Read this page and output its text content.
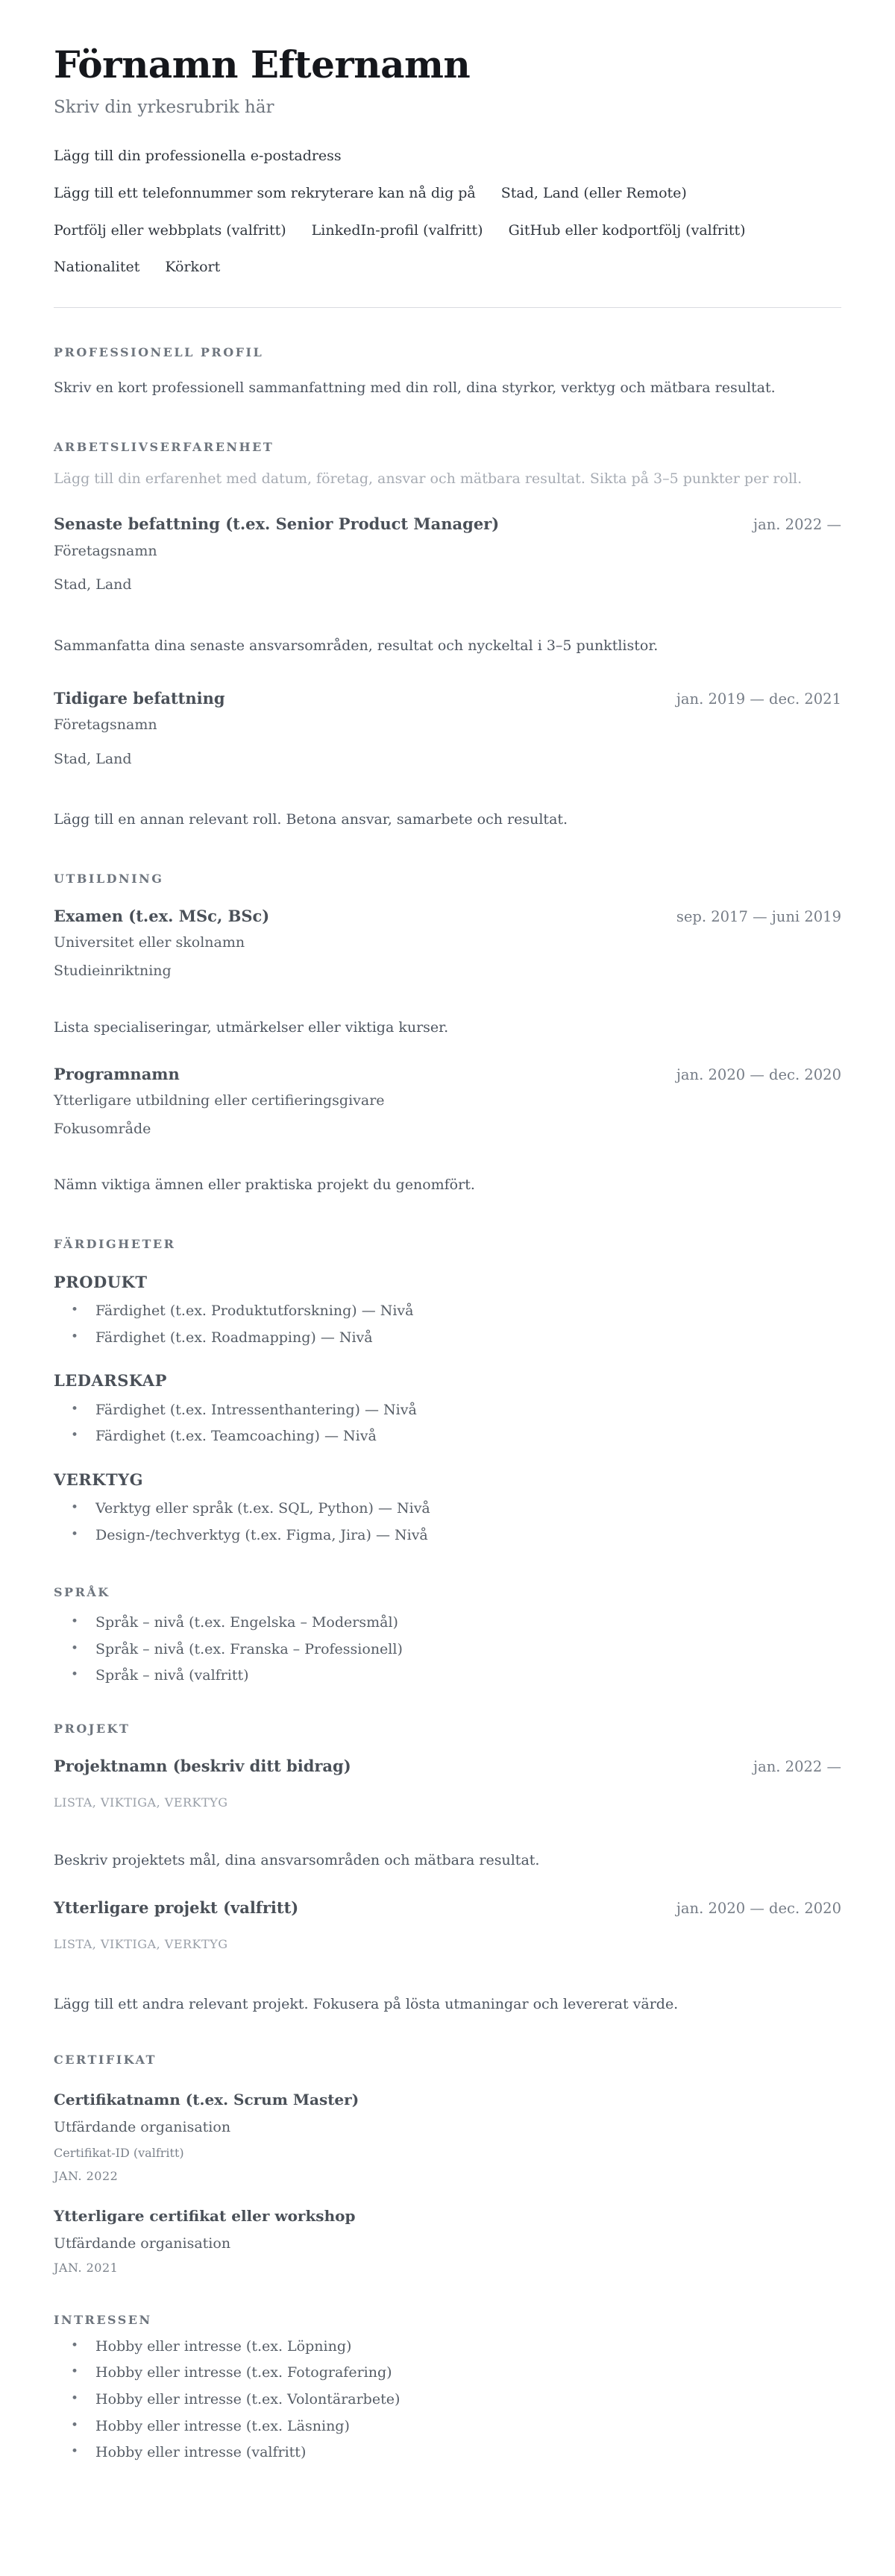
Förnamn Efternamn
Skriv din yrkesrubrik här
Lägg till din professionella e-postadress
Lägg till ett telefonnummer som rekryterare kan nå dig på Stad, Land (eller Remote)
Portfölj eller webbplats (valfritt) LinkedIn-profil (valfritt) GitHub eller kodportfölj (valfritt)
Nationalitet Körkort
PROFESSIONELL PROFIL
Skriv en kort professionell sammanfattning med din roll, dina styrkor, verktyg och mätbara resultat.
ARBETSLIVSERFARENHET
Lägg till din erfarenhet med datum, företag, ansvar och mätbara resultat. Sikta på 3–5 punkter per roll.
Senaste befattning (t.ex. Senior Product Manager)	jan. 2022 —
Företagsnamn
Stad, Land
Sammanfatta dina senaste ansvarsområden, resultat och nyckeltal i 3–5 punktlistor.
Tidigare befattning	jan. 2019 — dec. 2021
Företagsnamn
Stad, Land
Lägg till en annan relevant roll. Betona ansvar, samarbete och resultat.
UTBILDNING
Examen (t.ex. MSc, BSc)	sep. 2017 — juni 2019
Universitet eller skolnamn
Studieinriktning
Lista specialiseringar, utmärkelser eller viktiga kurser.
Programnamn	jan. 2020 — dec. 2020
Ytterligare utbildning eller certifieringsgivare
Fokusområde
Nämn viktiga ämnen eller praktiska projekt du genomfört.
FÄRDIGHETER
PRODUKT
• Färdighet (t.ex. Produktutforskning) — Nivå
• Färdighet (t.ex. Roadmapping) — Nivå
LEDARSKAP
• Färdighet (t.ex. Intressenthantering) — Nivå
• Färdighet (t.ex. Teamcoaching) — Nivå
VERKTYG
• Verktyg eller språk (t.ex. SQL, Python) — Nivå
• Design-/techverktyg (t.ex. Figma, Jira) — Nivå
SPRÅK
• Språk – nivå (t.ex. Engelska – Modersmål)
• Språk – nivå (t.ex. Franska – Professionell)
• Språk – nivå (valfritt)
PROJEKT
Projektnamn (beskriv ditt bidrag)	jan. 2022 —
LISTA, VIKTIGA, VERKTYG
Beskriv projektets mål, dina ansvarsområden och mätbara resultat.
Ytterligare projekt (valfritt)	jan. 2020 — dec. 2020
LISTA, VIKTIGA, VERKTYG
Lägg till ett andra relevant projekt. Fokusera på lösta utmaningar och levererat värde.
CERTIFIKAT
Certifikatnamn (t.ex. Scrum Master)
Utfärdande organisation
Certifikat-ID (valfritt)
JAN. 2022
Ytterligare certifikat eller workshop
Utfärdande organisation
JAN. 2021
INTRESSEN
• Hobby eller intresse (t.ex. Löpning)
• Hobby eller intresse (t.ex. Fotografering)
• Hobby eller intresse (t.ex. Volontärarbete)
• Hobby eller intresse (t.ex. Läsning)
• Hobby eller intresse (valfritt)
